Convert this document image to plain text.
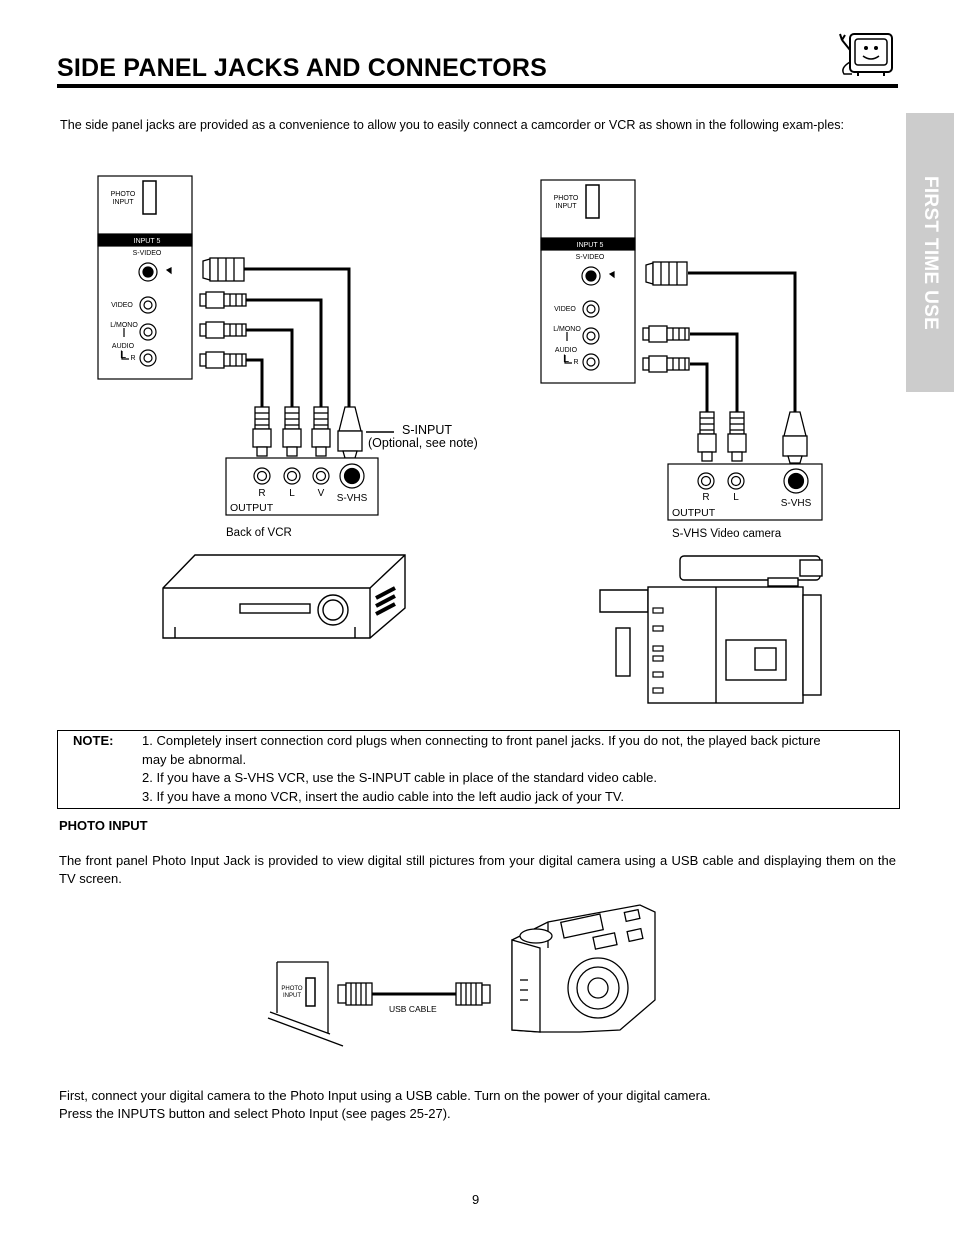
SIDE PANEL JACKS AND CONNECTORS
The side panel jacks are provided as a convenience to allow you to easily connect a camcorder or VCR as shown in the following exam-ples:
FIRST TIME USE
PHOTO
INPUT
INPUT 5
S-VIDEO
VIDEO
L/MONO
AUDIO
R
PHOTO
INPUT
INPUT 5
S-VIDEO
VIDEO
L/MONO
AUDIO
R
R L V S-VHS	R L
S-VHS
OUTPUT	OUTPUT
S-INPUT
(Optional, see note)
Back of VCR	S-VHS Video camera
L	L
NOTE: 1. Completely insert connection cord plugs when connecting to front panel jacks. If you do not, the played back picture
may be abnormal.
2. If you have a S-VHS VCR, use the S-INPUT cable in place of the standard video cable.
3. If you have a mono VCR, insert the audio cable into the left audio jack of your TV.
PHOTO INPUT
The front panel Photo Input Jack is provided to view digital still pictures from your digital camera using a USB cable and displaying them on the TV screen.
PHOTO
INPUT
USB CABLE
First, connect your digital camera to the Photo Input using a USB cable. Turn on the power of your digital camera.
Press the INPUTS button and select Photo Input (see pages 25-27).
9
